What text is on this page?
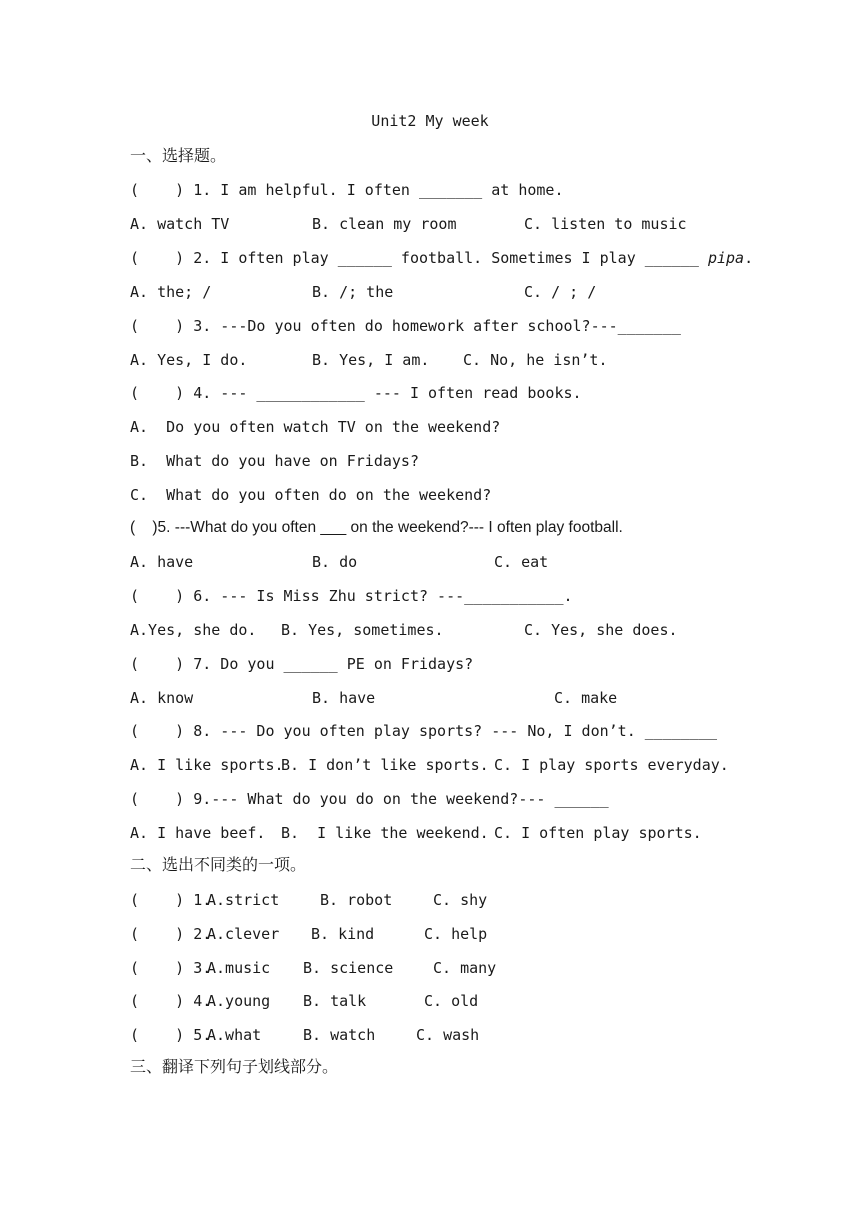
Unit2 My week
一、选择题。
(    ) 1. I am helpful. I often _______ at home.
A. watch TV	B. clean my room	C. listen to music
(    ) 2. I often play ______ football. Sometimes I play ______ pipa.
A. the; /	B. /; the	C. / ; /
(    ) 3. ---Do you often do homework after school?---_______
A. Yes, I do.	B. Yes, I am. C. No, he isn’t.
(    ) 4. --- ____________ --- I often read books.
A.  Do you often watch TV on the weekend?
B.  What do you have on Fridays?
C.  What do you often do on the weekend?
(    )5. ---What do you often ___ on the weekend?--- I often play football.
A. have	B. do	C. eat
(    ) 6. --- Is Miss Zhu strict? ---___________.
A.Yes, she do. B. Yes, sometimes.	C. Yes, she does.
(    ) 7. Do you ______ PE on Fridays?
A. know	B. have	C. make
(    ) 8. --- Do you often play sports? --- No, I don’t. ________
A. I like sports.
B. I don’t like sports. C. I play sports everyday.
(    ) 9.--- What do you do on the weekend?--- ______
A. I have beef. B.  I like the weekend. C. I often play sports.
二、选出不同类的一项。
(    ) 1.
A.strict	B. robot	C. shy
(    ) 2.
A.clever B. kind	C. help
(    ) 3.
A.music B. science	C. many
(    ) 4.
A.young B. talk	C. old
(    ) 5.
A.what	B. watch	C. wash
三、翻译下列句子划线部分。
